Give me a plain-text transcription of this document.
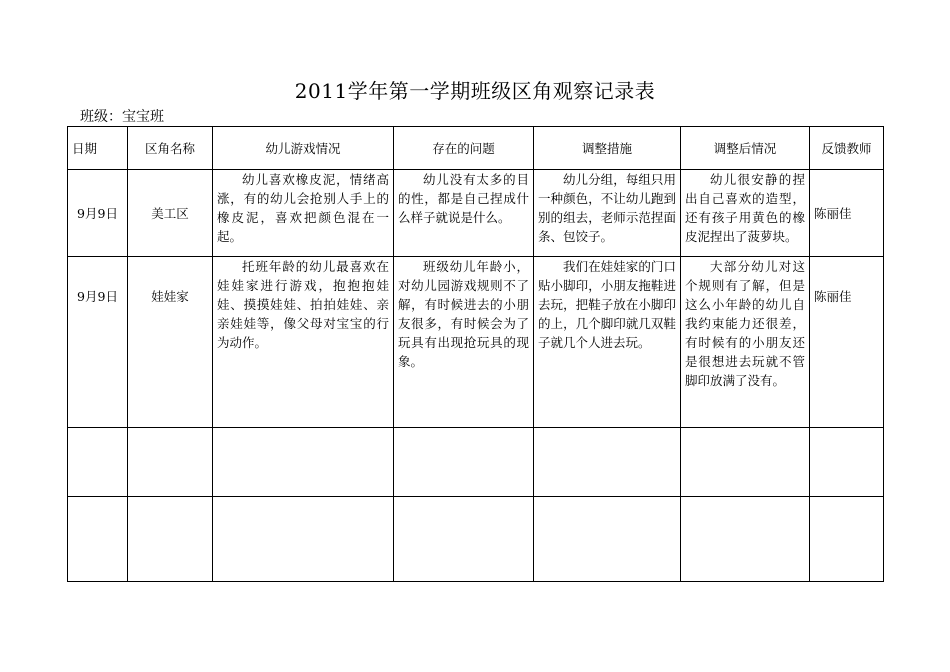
2011学年第一学期班级区角观察记录表
班级：宝宝班
日期	区角名称	幼儿游戏情况	存在的问题	调整措施	调整后情况	反馈教师
9月9日	美工区	幼儿喜欢橡皮泥，情绪高涨，有的幼儿会抢别人手上的橡皮泥，喜欢把颜色混在一起。	幼儿没有太多的目的性，都是自己捏成什么样子就说是什么。	幼儿分组，每组只用一种颜色，不让幼儿跑到别的组去，老师示范捏面条、包饺子。	幼儿很安静的捏出自己喜欢的造型，还有孩子用黄色的橡皮泥捏出了菠萝块。	陈丽佳
9月9日	娃娃家	托班年龄的幼儿最喜欢在娃娃家进行游戏，抱抱抱娃娃、摸摸娃娃、拍拍娃娃、亲亲娃娃等，像父母对宝宝的行为动作。	班级幼儿年龄小，对幼儿园游戏规则不了解，有时候进去的小朋友很多，有时候会为了玩具有出现抢玩具的现象。	我们在娃娃家的门口贴小脚印，小朋友拖鞋进去玩，把鞋子放在小脚印的上，几个脚印就几双鞋子就几个人进去玩。	大部分幼儿对这个规则有了解，但是这么小年龄的幼儿自我约束能力还很差，有时候有的小朋友还是很想进去玩就不管脚印放满了没有。	陈丽佳
